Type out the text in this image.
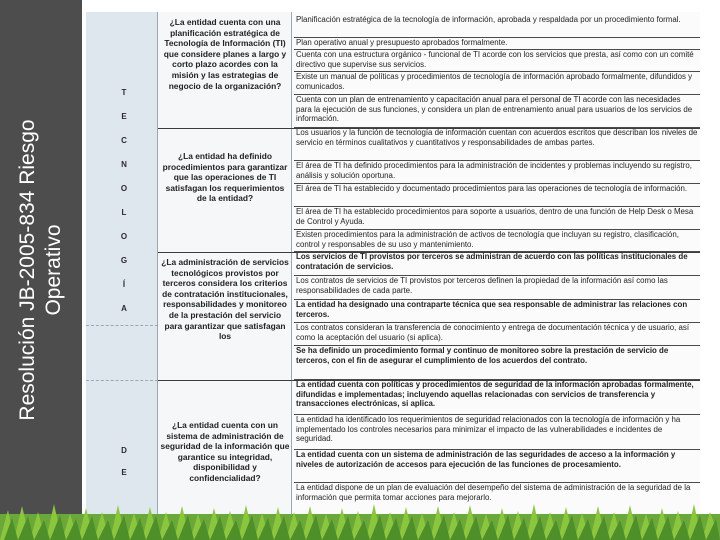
Resolución JB-2005-834 Riesgo Operativo
T
E
C
N
O
L
O
G
Í
A
D
E
¿La entidad cuenta con una planificación estratégica de Tecnología de Información (TI) que considere planes a largo y corto plazo acordes con la misión y las estrategias de negocio de la organización?
¿La entidad ha definido procedimientos para garantizar que las operaciones de TI satisfagan los requerimientos de la entidad?
¿La administración de servicios tecnológicos provistos por terceros considera los criterios de contratación institucionales, responsabilidades y monitoreo de la prestación del servicio para garantizar que satisfagan los
¿La entidad cuenta con un sistema de administración de seguridad de la información que garantice su integridad, disponibilidad y confidencialidad?
Planificación estratégica de la tecnología de información, aprobada y respaldada por un procedimiento formal.
Plan operativo anual y presupuesto aprobados formalmente.
Cuenta con una estructura orgánico - funcional de TI acorde con los servicios que presta, así como con un comité directivo que supervise sus servicios.
Existe un manual de políticas y procedimientos de tecnología de información aprobado formalmente, difundidos y comunicados.
Cuenta con un plan de entrenamiento y capacitación anual para el personal de TI acorde con las necesidades para la ejecución de sus funciones, y considera un plan de entrenamiento anual para usuarios de los servicios de información.
Los usuarios y la función de tecnología de información cuentan con acuerdos escritos que describan los niveles de servicio en términos cualitativos y cuantitativos y responsabilidades de ambas partes.
El área de TI ha definido procedimientos para la administración de incidentes y problemas incluyendo su registro, análisis y solución oportuna.
El área de TI ha establecido y documentado procedimientos para las operaciones de tecnología de información.
El área de TI ha establecido procedimientos para soporte a usuarios, dentro de una función de Help Desk o Mesa de Control y Ayuda.
Existen procedimientos para la administración de activos de tecnología que incluyan su registro, clasificación, control y responsables de su uso y mantenimiento.
Los servicios de TI provistos por terceros se administran de acuerdo con las políticas institucionales de contratación de servicios.
Los contratos de servicios de TI provistos por terceros definen la propiedad de la información así como las responsabilidades de cada parte.
La entidad ha designado una contraparte técnica que sea responsable de administrar las relaciones con terceros.
Los contratos consideran la transferencia de conocimiento y entrega de documentación técnica y de usuario, así como la aceptación del usuario (si aplica).
Se ha definido un procedimiento formal y continuo de monitoreo sobre la prestación de servicio de terceros, con el fin de asegurar el cumplimiento de los acuerdos del contrato.
La entidad cuenta con políticas y procedimientos de seguridad de la información aprobadas formalmente, difundidas e implementadas; incluyendo aquellas relacionadas con servicios de transferencia y transacciones electrónicas, si aplica.
La entidad ha identificado los requerimientos de seguridad relacionados con la tecnología de información y ha implementado los controles necesarios para minimizar el impacto de las vulnerabilidades e incidentes de seguridad.
La entidad cuenta con un sistema de administración de las seguridades de acceso a la información y niveles de autorización de accesos para ejecución de las funciones de procesamiento.
La entidad dispone de un plan de evaluación del desempeño del sistema de administración de la seguridad de la información que permita tomar acciones para mejorarlo.
